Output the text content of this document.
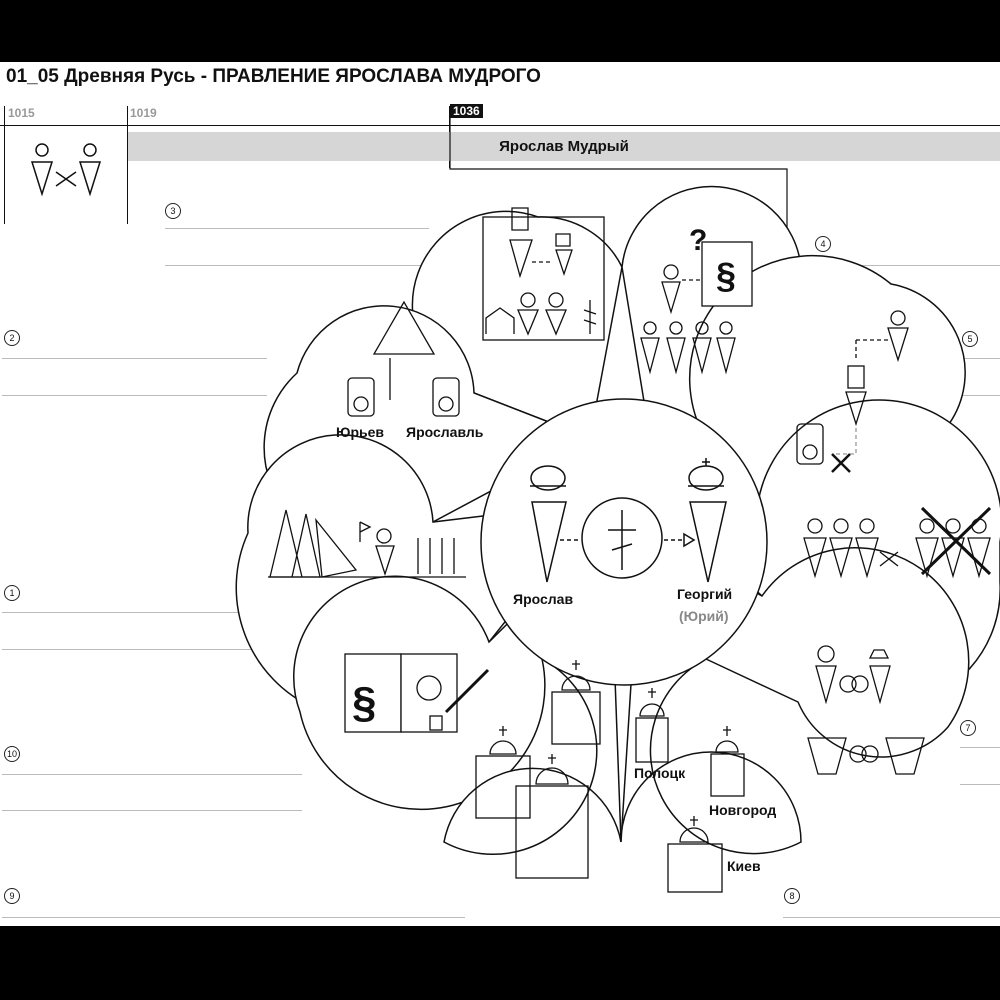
01_05 Древняя Русь - ПРАВЛЕНИЕ ЯРОСЛАВА МУДРОГО
1015	1019	1036
Ярослав Мудрый
3
2
1
10
9
4
5
7
8
?
§
§
Юрьев Ярославль
Ярослав	Георгий
(Юрий)
Полоцк
Новгород
Киев
